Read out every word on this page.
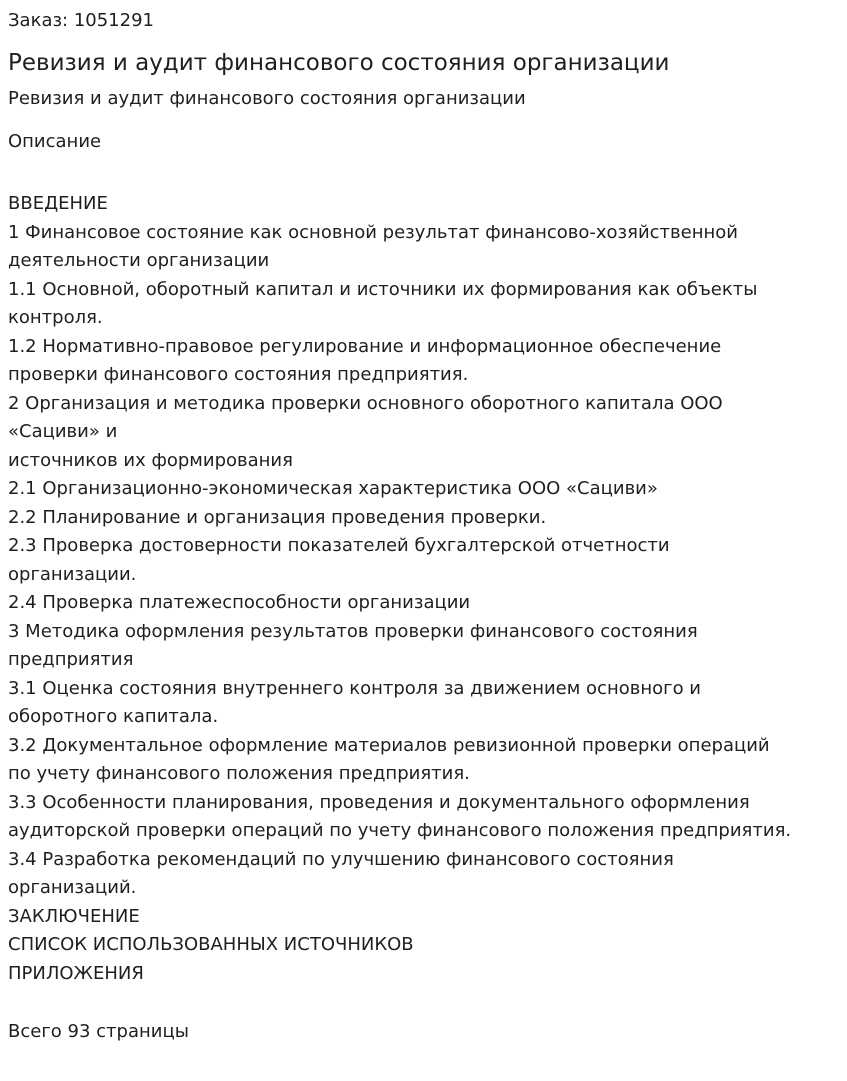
Заказ: 1051291
Ревизия и аудит финансового состояния организации
Ревизия и аудит финансового состояния организации
Описание
ВВЕДЕНИЕ
1 Финансовое состояние как основной результат финансово-хозяйственной
деятельности организации
1.1 Основной, оборотный капитал и источники их формирования как объекты
контроля.
1.2 Нормативно-правовое регулирование и информационное обеспечение
проверки финансового состояния предприятия.
2 Организация и методика проверки основного оборотного капитала ООО
«Сациви» и
источников их формирования
2.1 Организационно-экономическая характеристика ООО «Сациви»
2.2 Планирование и организация проведения проверки.
2.3 Проверка достоверности показателей бухгалтерской отчетности
организации.
2.4 Проверка платежеспособности организации
3 Методика оформления результатов проверки финансового состояния
предприятия
3.1 Оценка состояния внутреннего контроля за движением основного и
оборотного капитала.
3.2 Документальное оформление материалов ревизионной проверки операций
по учету финансового положения предприятия.
3.3 Особенности планирования, проведения и документального оформления
аудиторской проверки операций по учету финансового положения предприятия.
3.4 Разработка рекомендаций по улучшению финансового состояния
организаций.
ЗАКЛЮЧЕНИЕ
СПИСОК ИСПОЛЬЗОВАННЫХ ИСТОЧНИКОВ
ПРИЛОЖЕНИЯ
Всего 93 страницы
